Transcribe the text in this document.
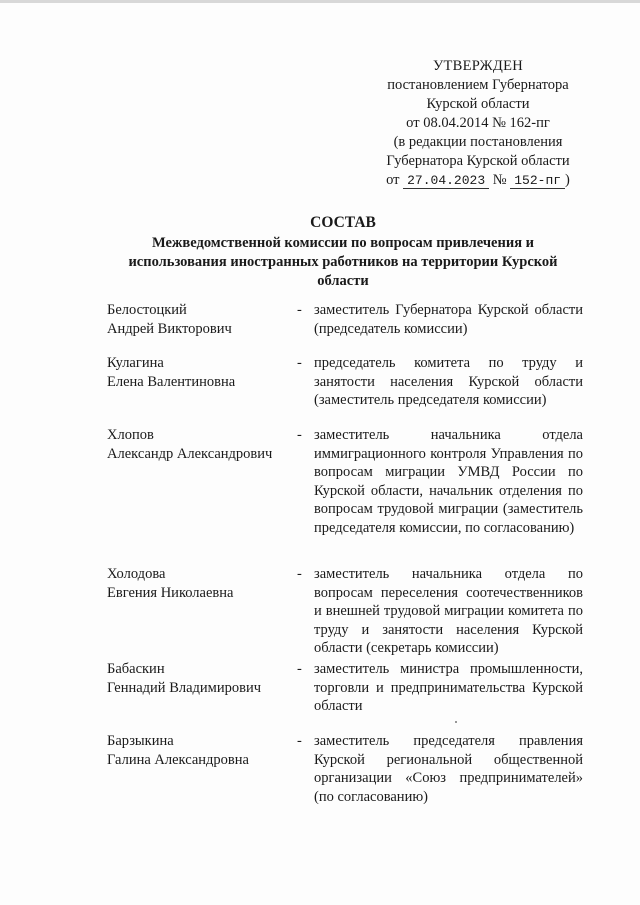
УТВЕРЖДЕН
постановлением Губернатора
Курской области
от 08.04.2014 № 162-пг
(в редакции постановления
Губернатора Курской области
от 27.04.2023 № 152-пг )
СОСТАВ
Межведомственной комиссии по вопросам привлечения и использования иностранных работников на территории Курской области
Белостоцкий
Андрей Викторович
- заместитель Губернатора Курской области (председатель комиссии)
Кулагина
Елена Валентиновна
- председатель комитета по труду и занятости населения Курской области (заместитель председателя комиссии)
Хлопов
Александр Александрович
- заместитель начальника отдела иммиграционного контроля Управления по вопросам миграции УМВД России по Курской области, начальник отделения по вопросам трудовой миграции (заместитель председателя комиссии, по согласованию)
Холодова
Евгения Николаевна
- заместитель начальника отдела по вопросам переселения соотечественников и внешней трудовой миграции комитета по труду и занятости населения Курской области (секретарь комиссии)
Бабаскин
Геннадий Владимирович
- заместитель министра промышленности, торговли и предпринимательства Курской области
Барзыкина
Галина Александровна
- заместитель председателя правления Курской региональной общественной организации «Союз предпринимателей» (по согласованию)
